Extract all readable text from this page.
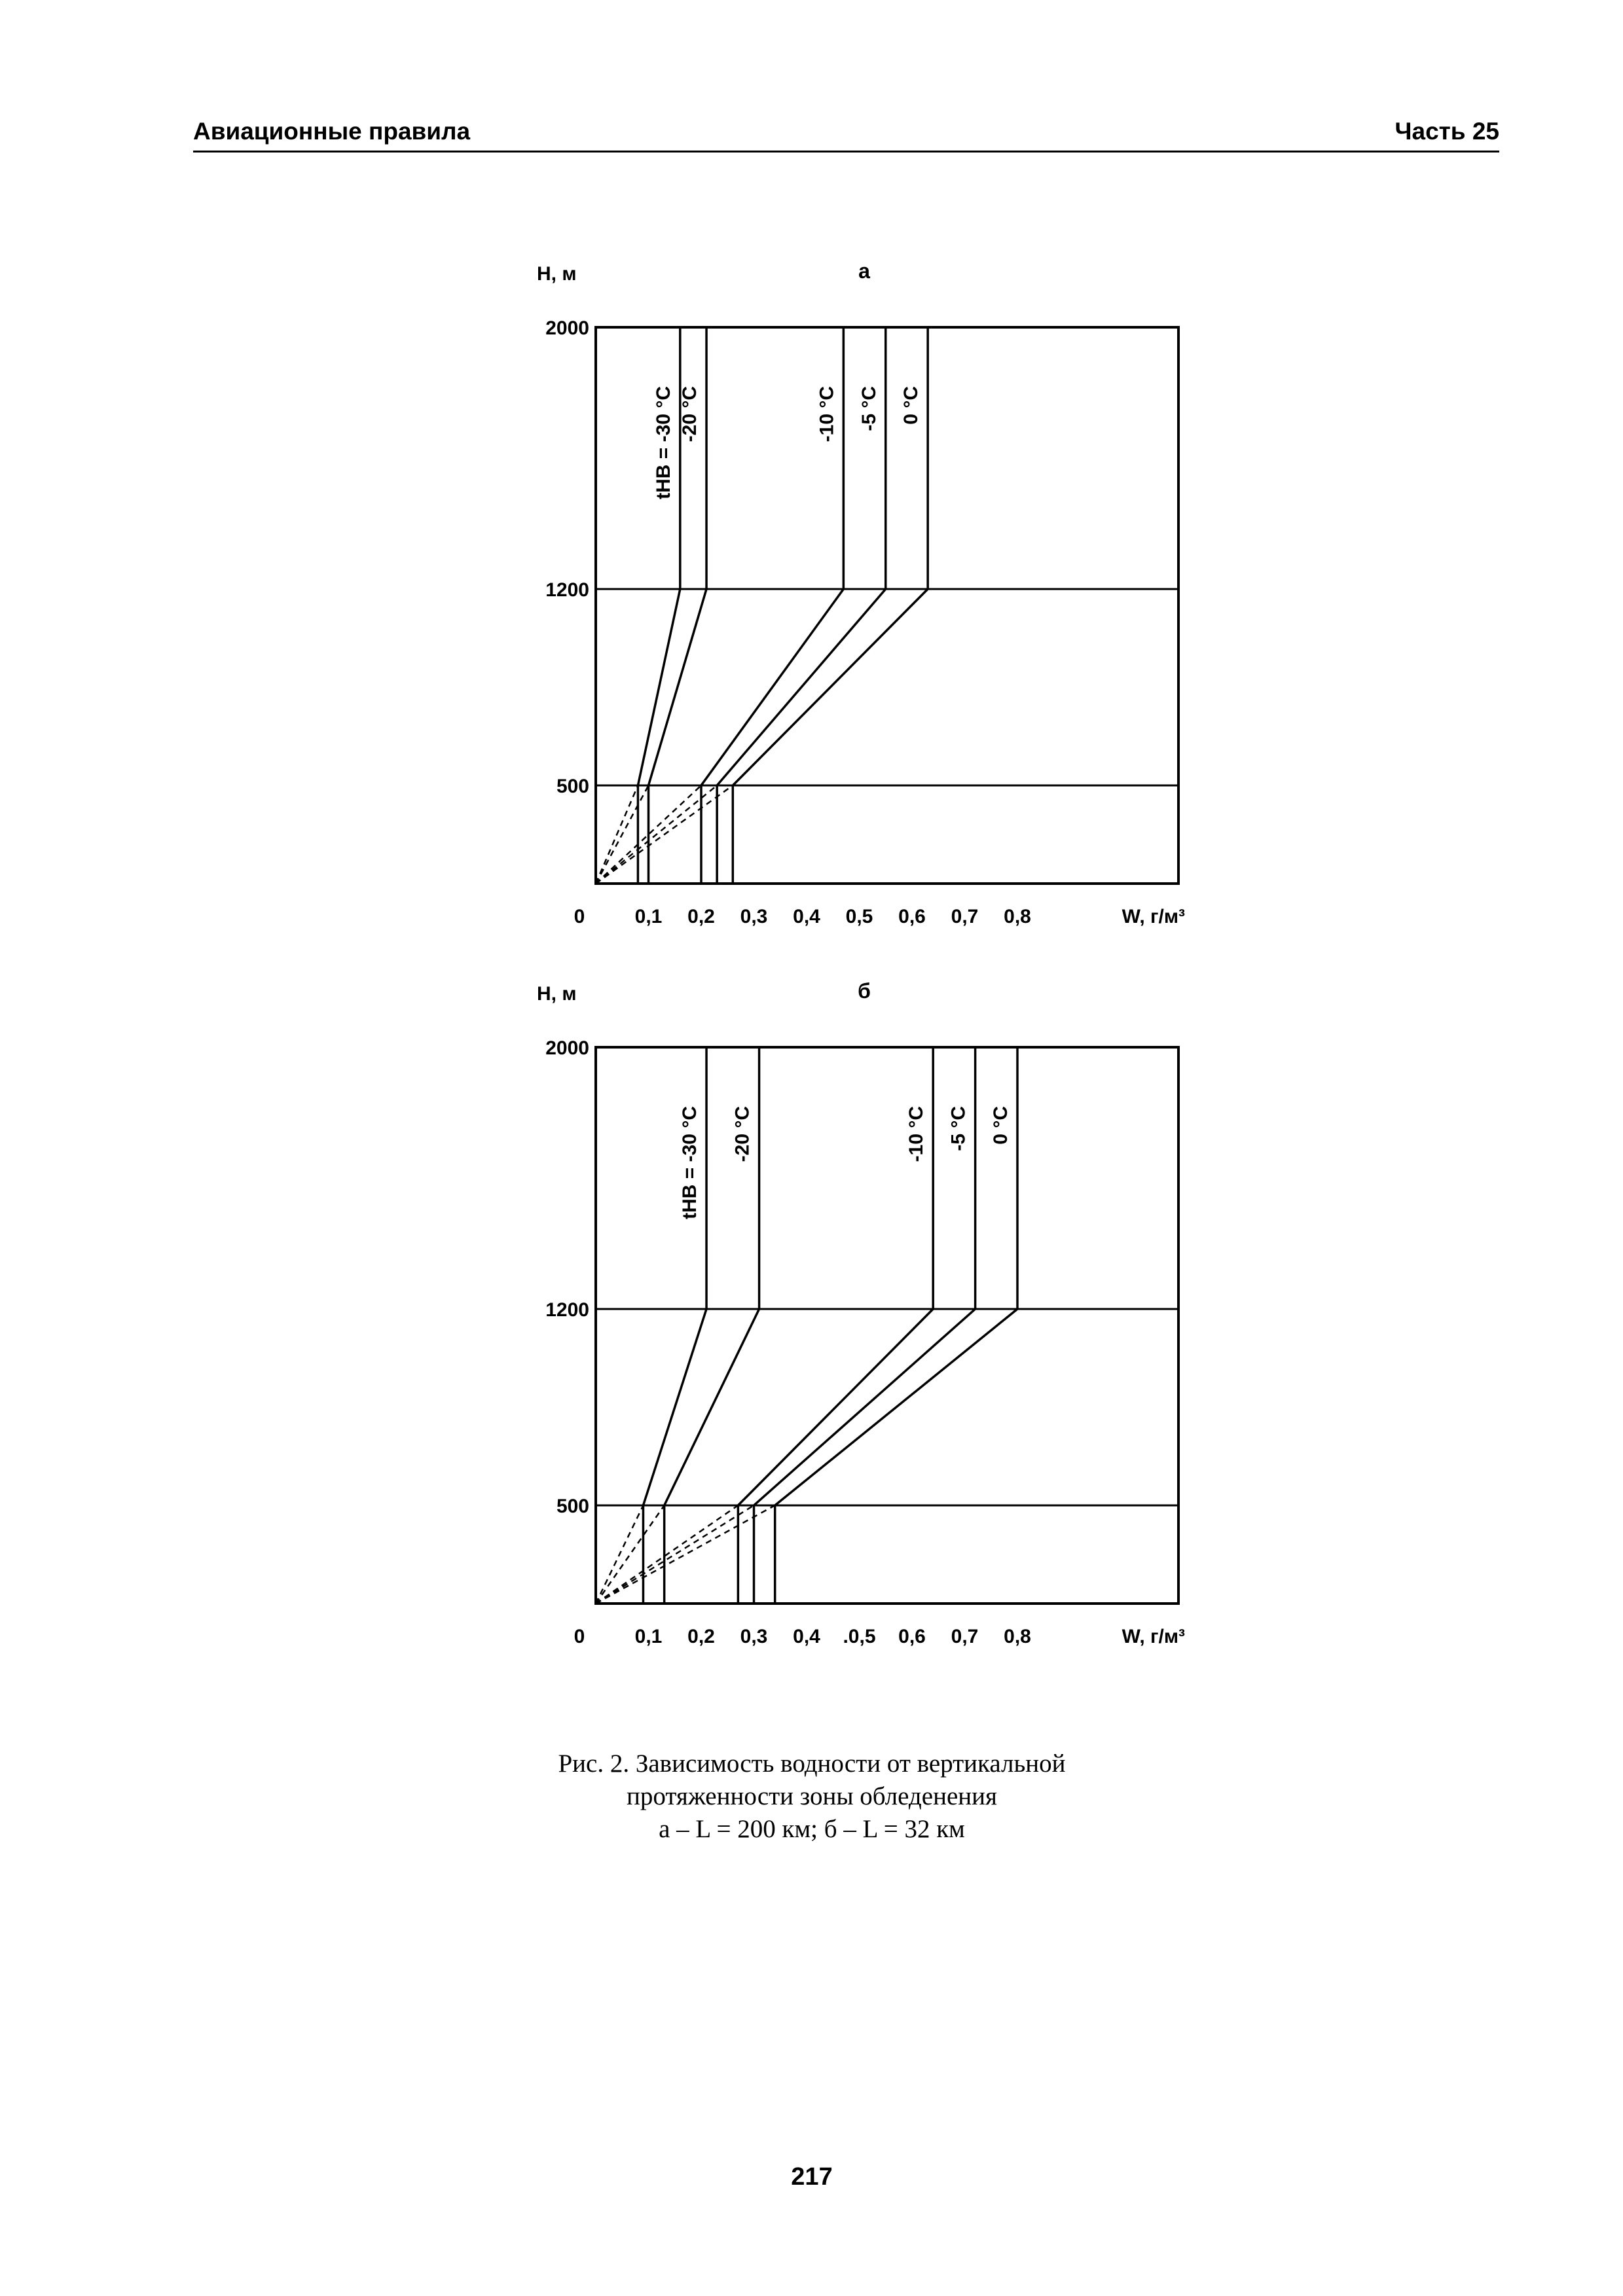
Авиационные правила	Часть 25
2000
1200
500
а
Н, м
W, г/м³
0	0,1 0,2 0,3 0,4 0,5 0,6 0,7 0,8
tНВ = -30 °С -20 °С	-10 °С -5 °С 0 °С
2000
1200
500
б
Н, м
W, г/м³
0	0,1 0,2 0,3 0,4 .0,5 0,6 0,7 0,8
tНВ = -30 °С -20 °С	-10 °С -5 °С 0 °С
Рис. 2. Зависимость водности от вертикальной
протяженности зоны обледенения
а – L = 200 км; б – L = 32 км
217
